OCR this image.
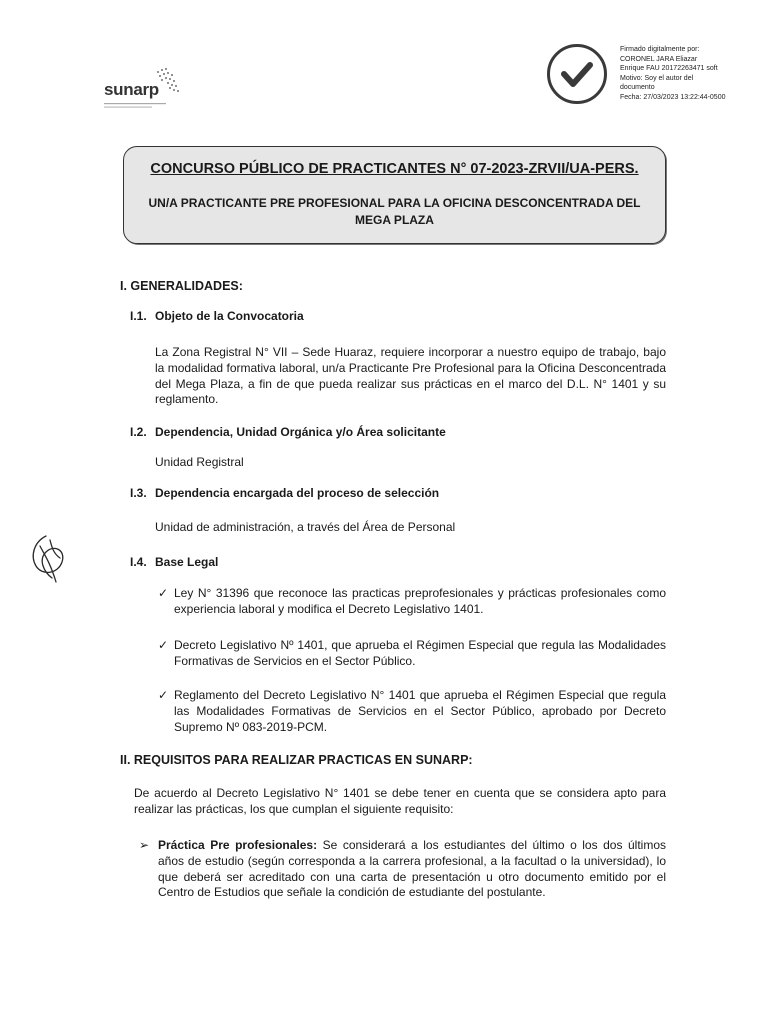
sunarp
Firmado digitalmente por:
CORONEL JARA Eliazar
Enrique FAU 20172263471 soft
Motivo: Soy el autor del
documento
Fecha: 27/03/2023 13:22:44-0500
CONCURSO PÚBLICO DE PRACTICANTES N° 07-2023-ZRVII/UA-PERS.
UN/A PRACTICANTE PRE PROFESIONAL PARA LA OFICINA DESCONCENTRADA DEL MEGA PLAZA
I. GENERALIDADES:
I.1. Objeto de la Convocatoria
La Zona Registral N° VII – Sede Huaraz, requiere incorporar a nuestro equipo de trabajo, bajo la modalidad formativa laboral, un/a Practicante Pre Profesional para la Oficina Desconcentrada del Mega Plaza, a fin de que pueda realizar sus prácticas en el marco del D.L. N° 1401 y su reglamento.
I.2. Dependencia, Unidad Orgánica y/o Área solicitante
Unidad Registral
I.3. Dependencia encargada del proceso de selección
Unidad de administración, a través del Área de Personal
I.4. Base Legal
✓ Ley N° 31396 que reconoce las practicas preprofesionales y prácticas profesionales como experiencia laboral y modifica el Decreto Legislativo 1401.
✓ Decreto Legislativo Nº 1401, que aprueba el Régimen Especial que regula las Modalidades Formativas de Servicios en el Sector Público.
✓ Reglamento del Decreto Legislativo N° 1401 que aprueba el Régimen Especial que regula las Modalidades Formativas de Servicios en el Sector Público, aprobado por Decreto Supremo Nº 083-2019-PCM.
II. REQUISITOS PARA REALIZAR PRACTICAS EN SUNARP:
De acuerdo al Decreto Legislativo N° 1401 se debe tener en cuenta que se considera apto para realizar las prácticas, los que cumplan el siguiente requisito:
➢ Práctica Pre profesionales: Se considerará a los estudiantes del último o los dos últimos años de estudio (según corresponda a la carrera profesional, a la facultad o la universidad), lo que deberá ser acreditado con una carta de presentación u otro documento emitido por el Centro de Estudios que señale la condición de estudiante del postulante.
